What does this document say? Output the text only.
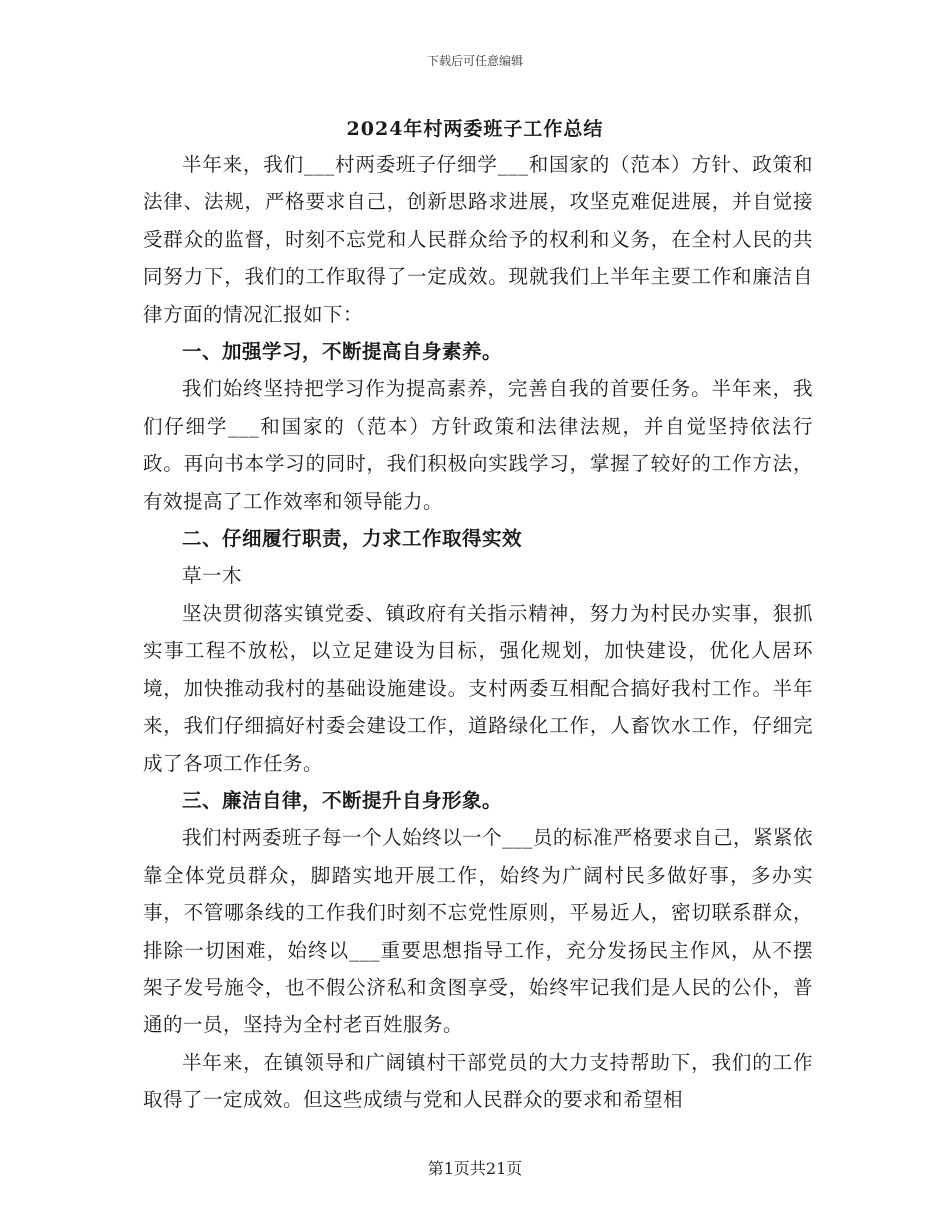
下载后可任意编辑
2024年村两委班子工作总结

半年来，我们___村两委班子仔细学___和国家的（范本）方针、政策和法律、法规，严格要求自己，创新思路求进展，攻坚克难促进展，并自觉接受群众的监督，时刻不忘党和人民群众给予的权利和义务，在全村人民的共同努力下，我们的工作取得了一定成效。现就我们上半年主要工作和廉洁自律方面的情况汇报如下：

一、加强学习，不断提高自身素养。

我们始终坚持把学习作为提高素养，完善自我的首要任务。半年来，我们仔细学___和国家的（范本）方针政策和法律法规，并自觉坚持依法行政。再向书本学习的同时，我们积极向实践学习，掌握了较好的工作方法，有效提高了工作效率和领导能力。

二、仔细履行职责，力求工作取得实效

草一木

坚决贯彻落实镇党委、镇政府有关指示精神，努力为村民办实事，狠抓实事工程不放松，以立足建设为目标，强化规划，加快建设，优化人居环境，加快推动我村的基础设施建设。支村两委互相配合搞好我村工作。半年来，我们仔细搞好村委会建设工作，道路绿化工作，人畜饮水工作，仔细完成了各项工作任务。

三、廉洁自律，不断提升自身形象。

我们村两委班子每一个人始终以一个___员的标准严格要求自己，紧紧依靠全体党员群众，脚踏实地开展工作，始终为广阔村民多做好事，多办实事，不管哪条线的工作我们时刻不忘党性原则，平易近人，密切联系群众，排除一切困难，始终以___重要思想指导工作，充分发扬民主作风，从不摆架子发号施令，也不假公济私和贪图享受，始终牢记我们是人民的公仆，普通的一员，坚持为全村老百姓服务。

半年来，在镇领导和广阔镇村干部党员的大力支持帮助下，我们的工作取得了一定成效。但这些成绩与党和人民群众的要求和希望相

第1页共21页
